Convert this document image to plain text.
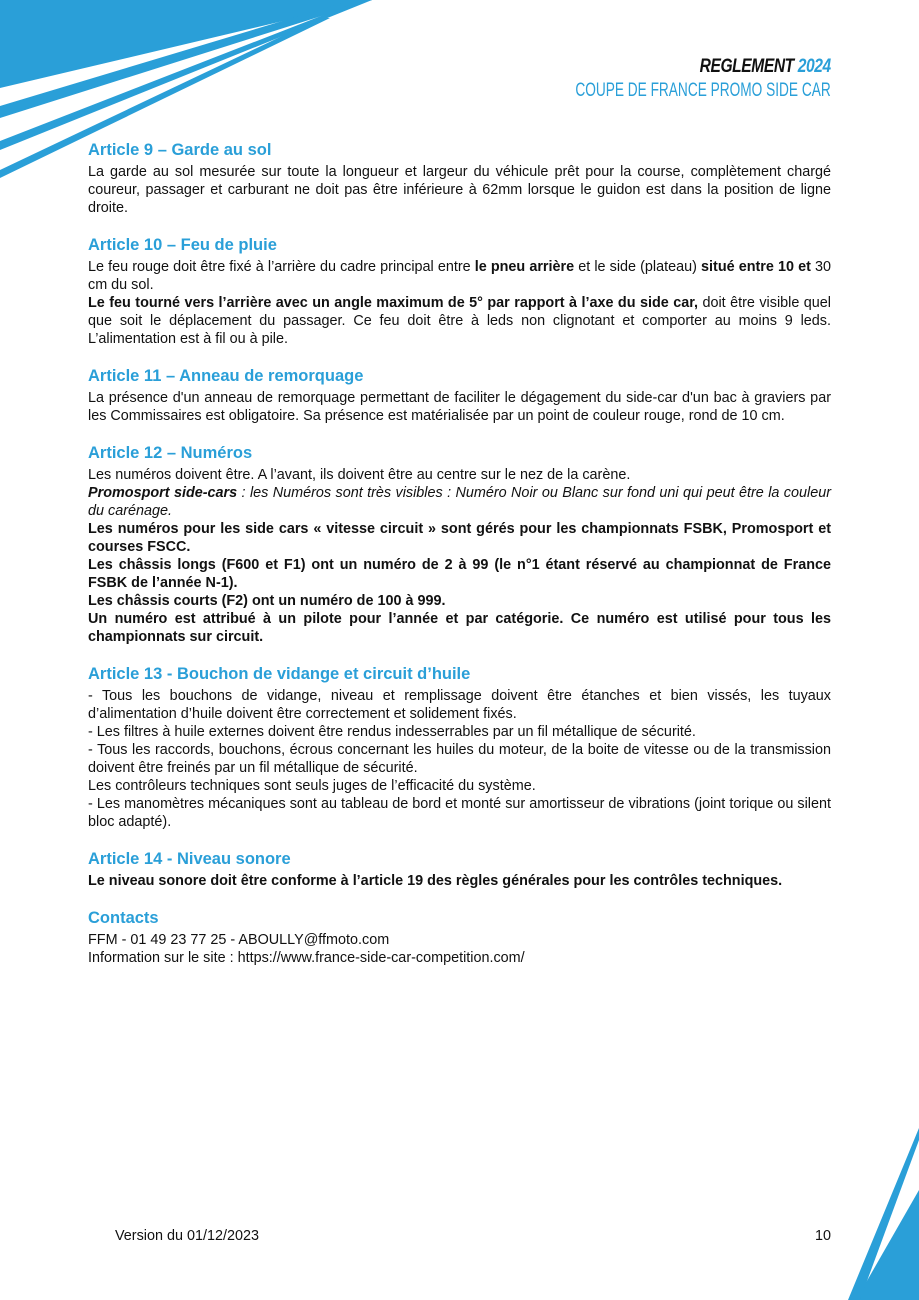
REGLEMENT 2024
COUPE DE FRANCE PROMO SIDE CAR
Article 9 – Garde au sol

La garde au sol mesurée sur toute la longueur et largeur du véhicule prêt pour la course, complètement chargé coureur, passager et carburant ne doit pas être inférieure à 62mm lorsque le guidon est dans la position de ligne droite.

Article 10 – Feu de pluie

Le feu rouge doit être fixé à l’arrière du cadre principal entre le pneu arrière et le side (plateau) situé entre 10 et 30 cm du sol.

Le feu tourné vers l’arrière avec un angle maximum de 5° par rapport à l’axe du side car, doit être visible quel que soit le déplacement du passager. Ce feu doit être à leds non clignotant et comporter au moins 9 leds. L’alimentation est à fil ou à pile.

Article 11 – Anneau de remorquage

La présence d'un anneau de remorquage permettant de faciliter le dégagement du side-car d'un bac à graviers par les Commissaires est obligatoire. Sa présence est matérialisée par un point de couleur rouge, rond de 10 cm.

Article 12 – Numéros

Les numéros doivent être. A l’avant, ils doivent être au centre sur le nez de la carène.

Promosport side-cars : les Numéros sont très visibles : Numéro Noir ou Blanc sur fond uni qui peut être la couleur du carénage.

Les numéros pour les side cars « vitesse circuit » sont gérés pour les championnats FSBK, Promosport et courses FSCC.

Les châssis longs (F600 et F1) ont un numéro de 2 à 99 (le n°1 étant réservé au championnat de France FSBK de l’année N-1).

Les châssis courts (F2) ont un numéro de 100 à 999.

Un numéro est attribué à un pilote pour l’année et par catégorie. Ce numéro est utilisé pour tous les championnats sur circuit.

Article 13 - Bouchon de vidange et circuit d’huile

- Tous les bouchons de vidange, niveau et remplissage doivent être étanches et bien vissés, les tuyaux d’alimentation d’huile doivent être correctement et solidement fixés.

- Les filtres à huile externes doivent être rendus indesserrables par un fil métallique de sécurité.

- Tous les raccords, bouchons, écrous concernant les huiles du moteur, de la boite de vitesse ou de la transmission doivent être freinés par un fil métallique de sécurité.

Les contrôleurs techniques sont seuls juges de l’efficacité du système.

- Les manomètres mécaniques sont au tableau de bord et monté sur amortisseur de vibrations (joint torique ou silent bloc adapté).

Article 14 - Niveau sonore

Le niveau sonore doit être conforme à l’article 19 des règles générales pour les contrôles techniques.

Contacts

FFM - 01 49 23 77 25 - ABOULLY@ffmoto.com

Information sur le site : https://www.france-side-car-competition.com/

Version du 01/12/2023	10
